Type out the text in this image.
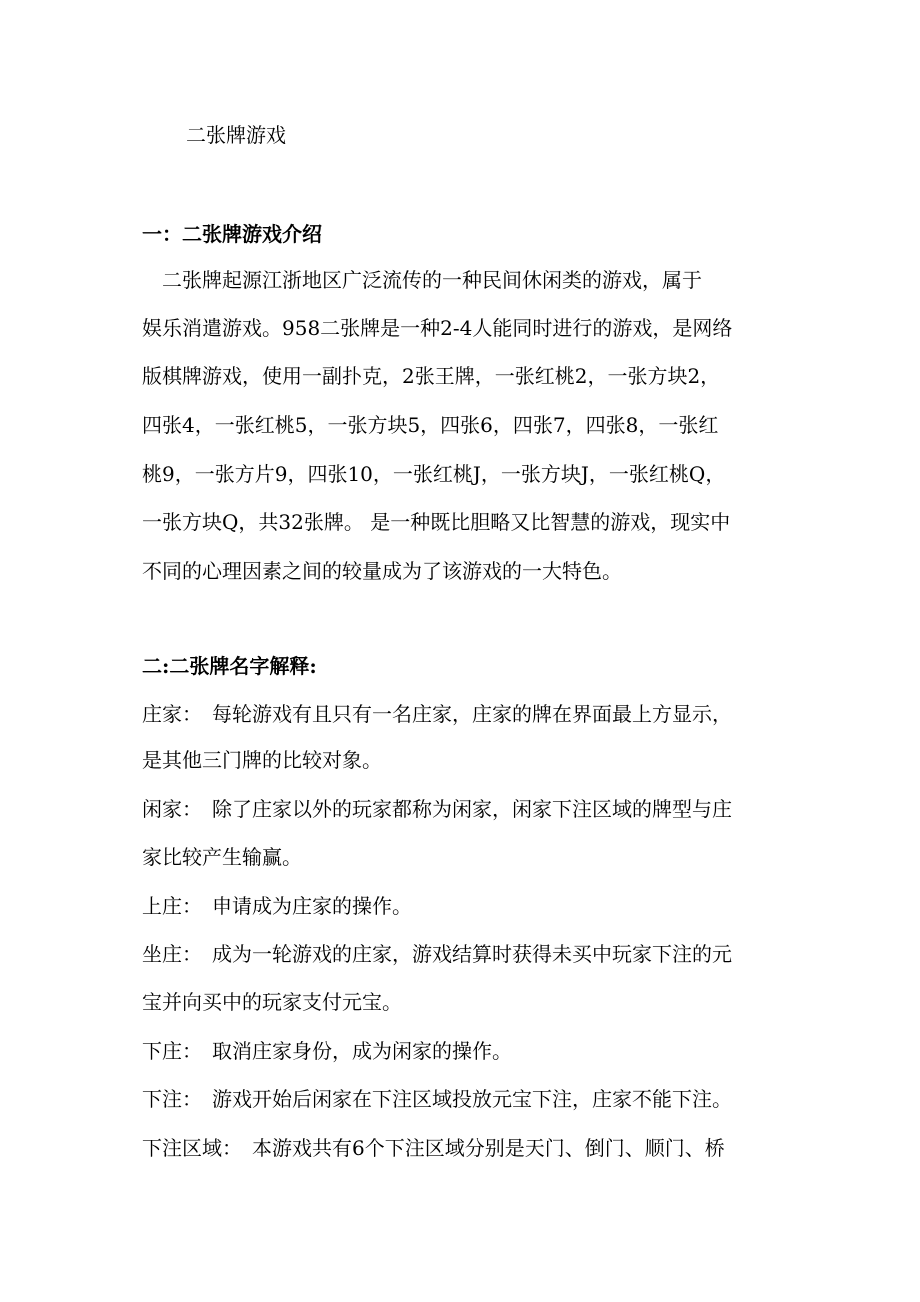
二张牌游戏
一：二张牌游戏介绍

　二张牌起源江浙地区广泛流传的一种民间休闲类的游戏，属于

娱乐消遣游戏。958二张牌是一种2-4人能同时进行的游戏，是网络

版棋牌游戏，使用一副扑克，2张王牌，一张红桃2，一张方块2，

四张4，一张红桃5，一张方块5，四张6，四张7，四张8，一张红

桃9，一张方片9，四张10，一张红桃J，一张方块J，一张红桃Q，

一张方块Q，共32张牌。 是一种既比胆略又比智慧的游戏，现实中

不同的心理因素之间的较量成为了该游戏的一大特色。

二:二张牌名字解释:

庄家：　每轮游戏有且只有一名庄家，庄家的牌在界面最上方显示，

是其他三门牌的比较对象。

闲家：　除了庄家以外的玩家都称为闲家，闲家下注区域的牌型与庄

家比较产生输赢。

上庄：　申请成为庄家的操作。

坐庄：　成为一轮游戏的庄家，游戏结算时获得未买中玩家下注的元

宝并向买中的玩家支付元宝。

下庄：　取消庄家身份，成为闲家的操作。

下注：　游戏开始后闲家在下注区域投放元宝下注，庄家不能下注。

下注区域：　本游戏共有6个下注区域分别是天门、倒门、顺门、桥
